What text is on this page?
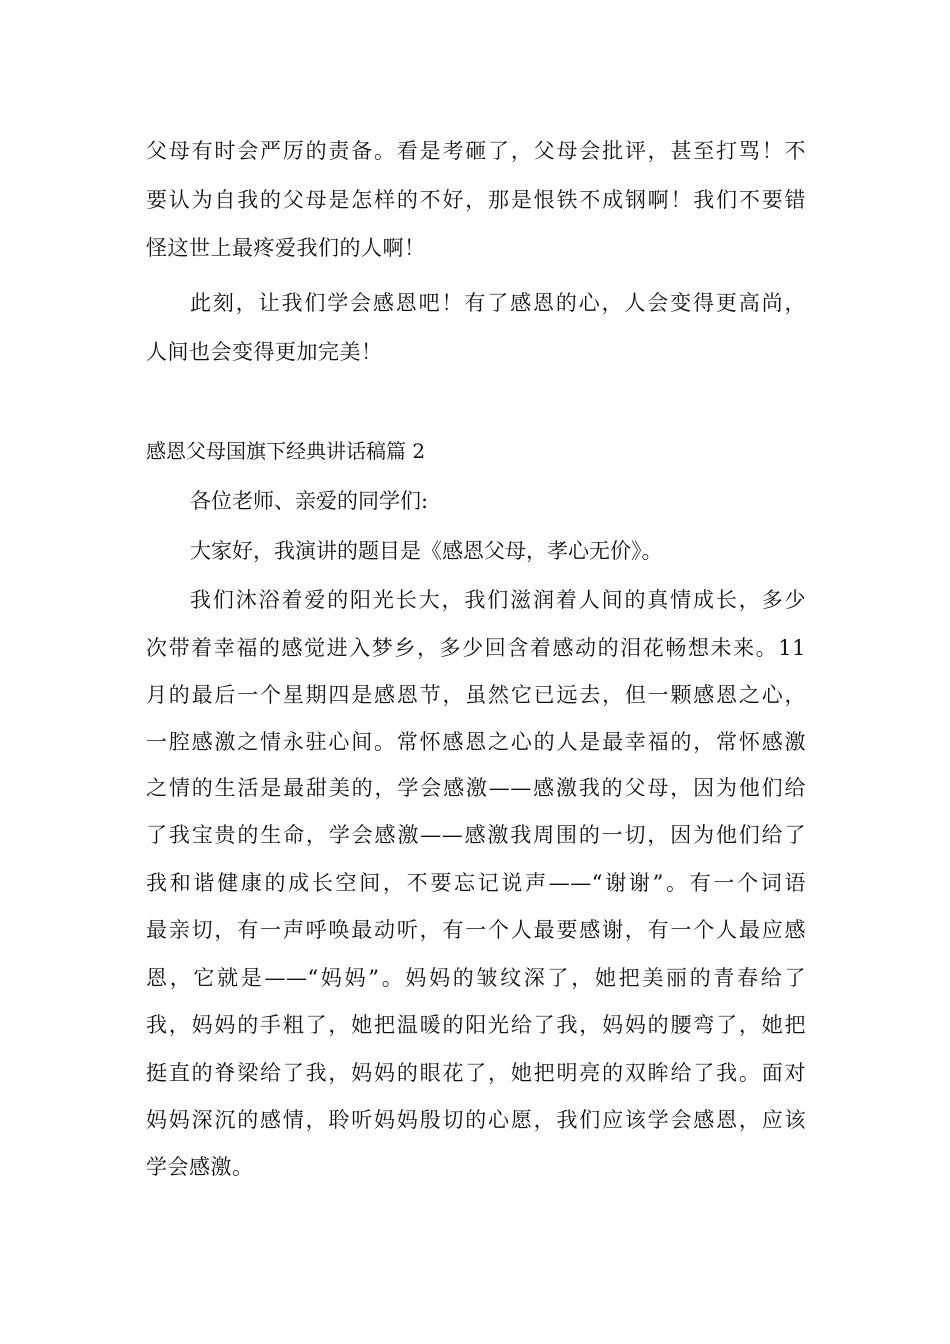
父母有时会严厉的责备。看是考砸了，父母会批评，甚至打骂！不
要认为自我的父母是怎样的不好，那是恨铁不成钢啊！我们不要错
怪这世上最疼爱我们的人啊！
此刻，让我们学会感恩吧！有了感恩的心，人会变得更高尚，
人间也会变得更加完美！
感恩父母国旗下经典讲话稿篇 2
各位老师、亲爱的同学们:
大家好，我演讲的题目是《感恩父母，孝心无价》。
我们沐浴着爱的阳光长大，我们滋润着人间的真情成长，多少
次带着幸福的感觉进入梦乡，多少回含着感动的泪花畅想未来。11
月的最后一个星期四是感恩节，虽然它已远去，但一颗感恩之心，
一腔感激之情永驻心间。常怀感恩之心的人是最幸福的，常怀感激
之情的生活是最甜美的，学会感激——感激我的父母，因为他们给
了我宝贵的生命，学会感激——感激我周围的一切，因为他们给了
我和谐健康的成长空间，不要忘记说声——“谢谢”。有一个词语
最亲切，有一声呼唤最动听，有一个人最要感谢，有一个人最应感
恩，它就是——“妈妈”。妈妈的皱纹深了，她把美丽的青春给了
我，妈妈的手粗了，她把温暖的阳光给了我，妈妈的腰弯了，她把
挺直的脊梁给了我，妈妈的眼花了，她把明亮的双眸给了我。面对
妈妈深沉的感情，聆听妈妈殷切的心愿，我们应该学会感恩，应该
学会感激。
